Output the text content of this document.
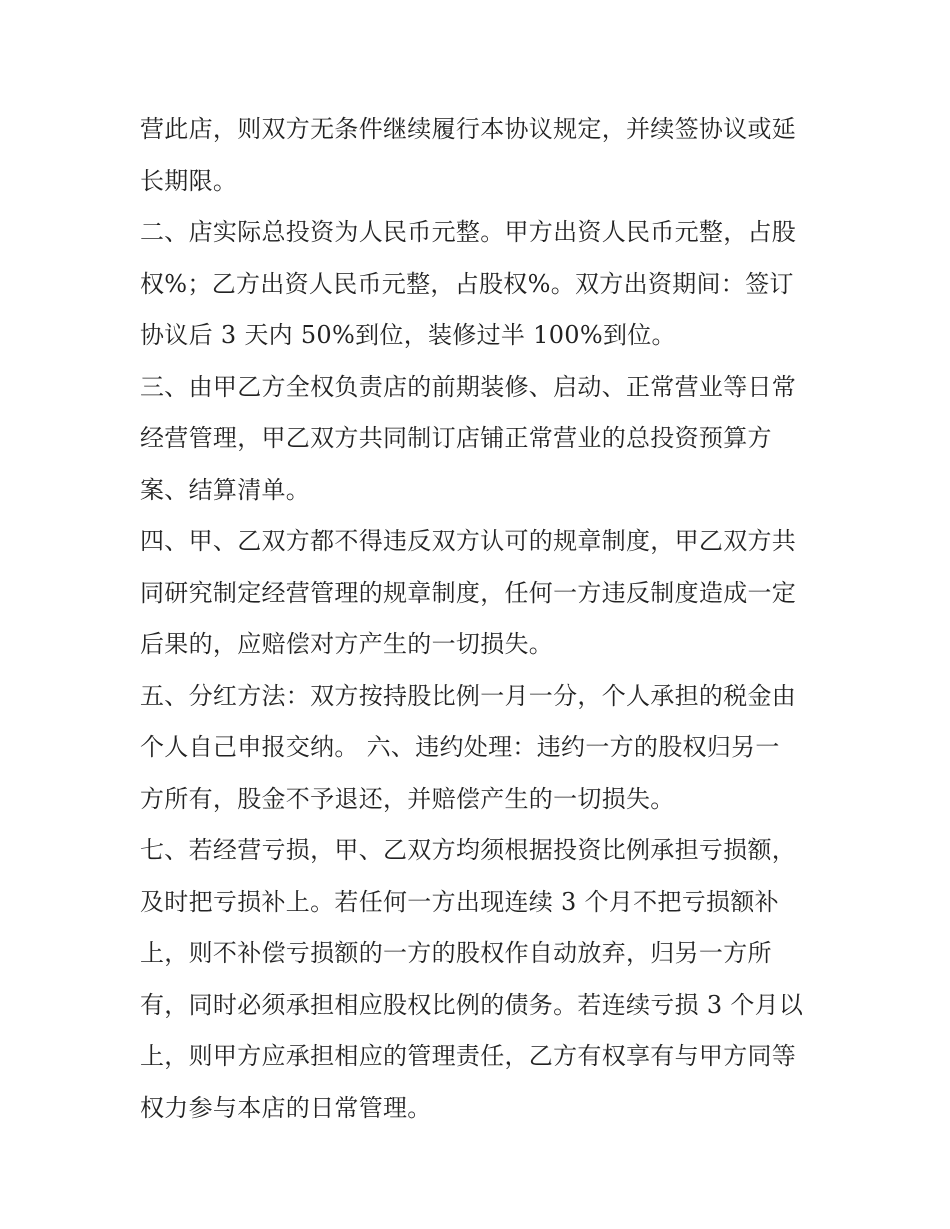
营此店，则双方无条件继续履行本协议规定，并续签协议或延
长期限。
二、店实际总投资为人民币元整。甲方出资人民币元整，占股
权%；乙方出资人民币元整，占股权%。双方出资期间：签订
协议后 3 天内 50%到位，装修过半 100%到位。
三、由甲乙方全权负责店的前期装修、启动、正常营业等日常
经营管理，甲乙双方共同制订店铺正常营业的总投资预算方
案、结算清单。
四、甲、乙双方都不得违反双方认可的规章制度，甲乙双方共
同研究制定经营管理的规章制度，任何一方违反制度造成一定
后果的，应赔偿对方产生的一切损失。
五、分红方法：双方按持股比例一月一分，个人承担的税金由
个人自己申报交纳。 六、违约处理：违约一方的股权归另一
方所有，股金不予退还，并赔偿产生的一切损失。
七、若经营亏损，甲、乙双方均须根据投资比例承担亏损额，
及时把亏损补上。若任何一方出现连续 3 个月不把亏损额补
上，则不补偿亏损额的一方的股权作自动放弃，归另一方所
有，同时必须承担相应股权比例的债务。若连续亏损 3 个月以
上，则甲方应承担相应的管理责任，乙方有权享有与甲方同等
权力参与本店的日常管理。
